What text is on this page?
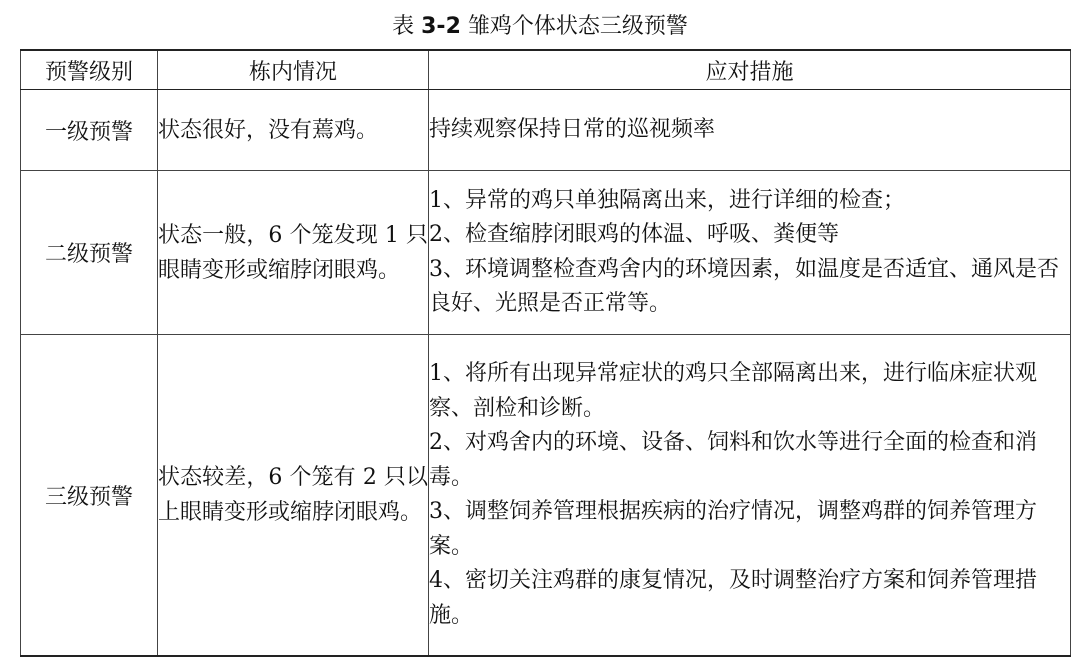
表 3-2 雏鸡个体状态三级预警
预警级别	栋内情况	应对措施
一级预警	状态很好，没有蔫鸡。	持续观察保持日常的巡视频率

二级预警	状态一般，6 个笼发现 1 只眼睛变形或缩脖闭眼鸡。	1、异常的鸡只单独隔离出来，进行详细的检查；
2、检查缩脖闭眼鸡的体温、呼吸、粪便等
3、环境调整检查鸡舍内的环境因素，如温度是否适宜、通风是否良好、光照是否正常等。

三级预警	状态较差，6 个笼有 2 只以上眼睛变形或缩脖闭眼鸡。	1、将所有出现异常症状的鸡只全部隔离出来，进行临床症状观察、剖检和诊断。
2、对鸡舍内的环境、设备、饲料和饮水等进行全面的检查和消毒。
3、调整饲养管理根据疾病的治疗情况，调整鸡群的饲养管理方案。
4、密切关注鸡群的康复情况，及时调整治疗方案和饲养管理措施。
